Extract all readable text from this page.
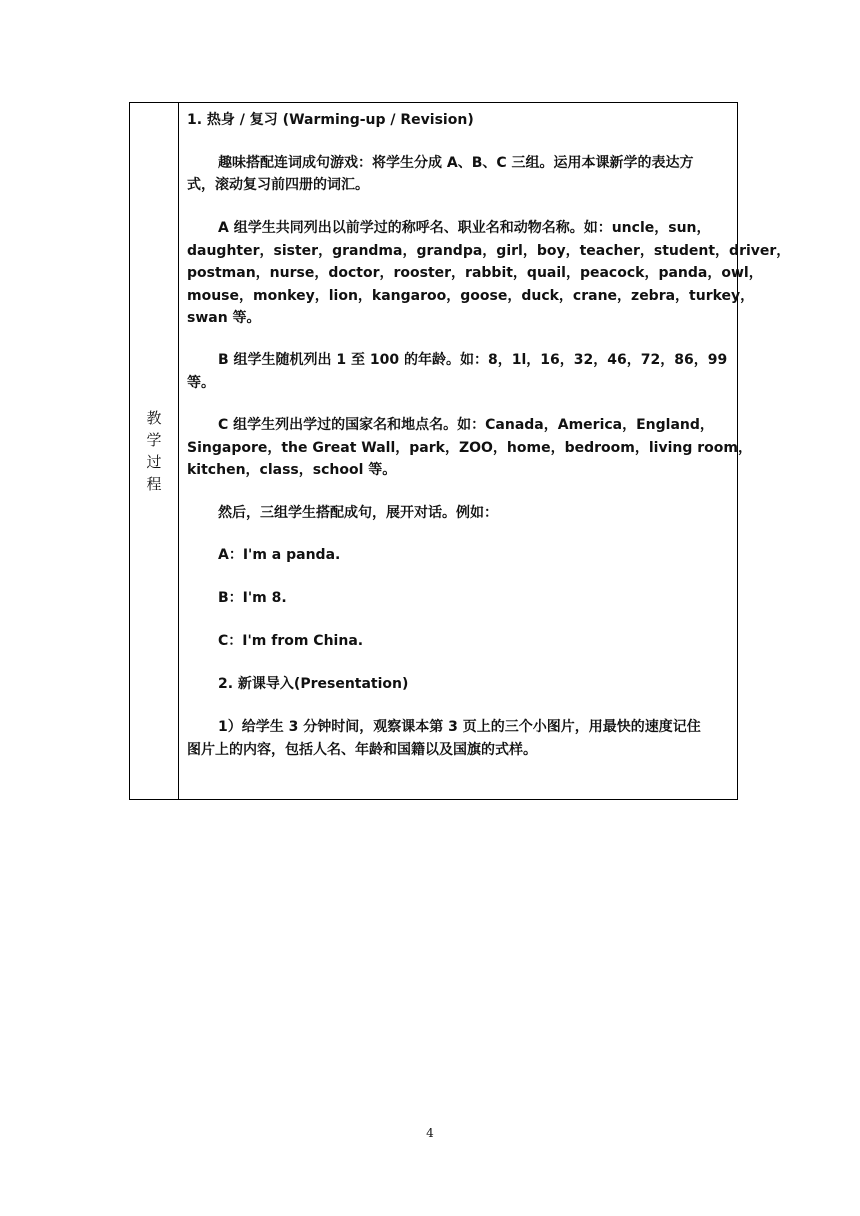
教
学
过
程
1. 热身 / 复习 (Warming-up / Revision)
趣味搭配连词成句游戏：将学生分成 A、B、C 三组。运用本课新学的表达方
式，滚动复习前四册的词汇。
A 组学生共同列出以前学过的称呼名、职业名和动物名称。如：uncle，sun，
daughter，sister，grandma，grandpa，girl，boy，teacher，student，driver，
postman，nurse，doctor，rooster，rabbit，quail，peacock，panda，owl，
mouse，monkey，lion，kangaroo，goose，duck，crane，zebra，turkey，
swan 等。
B 组学生随机列出 1 至 100 的年龄。如：8，1l，16，32，46，72，86，99
等。
C 组学生列出学过的国家名和地点名。如：Canada，America，England，
Singapore，the Great Wall，park，ZOO，home，bedroom，living room，
kitchen，class，school 等。
然后，三组学生搭配成句，展开对话。例如：
A：I'm a panda.
B：I'm 8.
C：I'm from China.
2. 新课导入(Presentation)
1）给学生 3 分钟时间，观察课本第 3 页上的三个小图片，用最快的速度记住
图片上的内容，包括人名、年龄和国籍以及国旗的式样。
4
